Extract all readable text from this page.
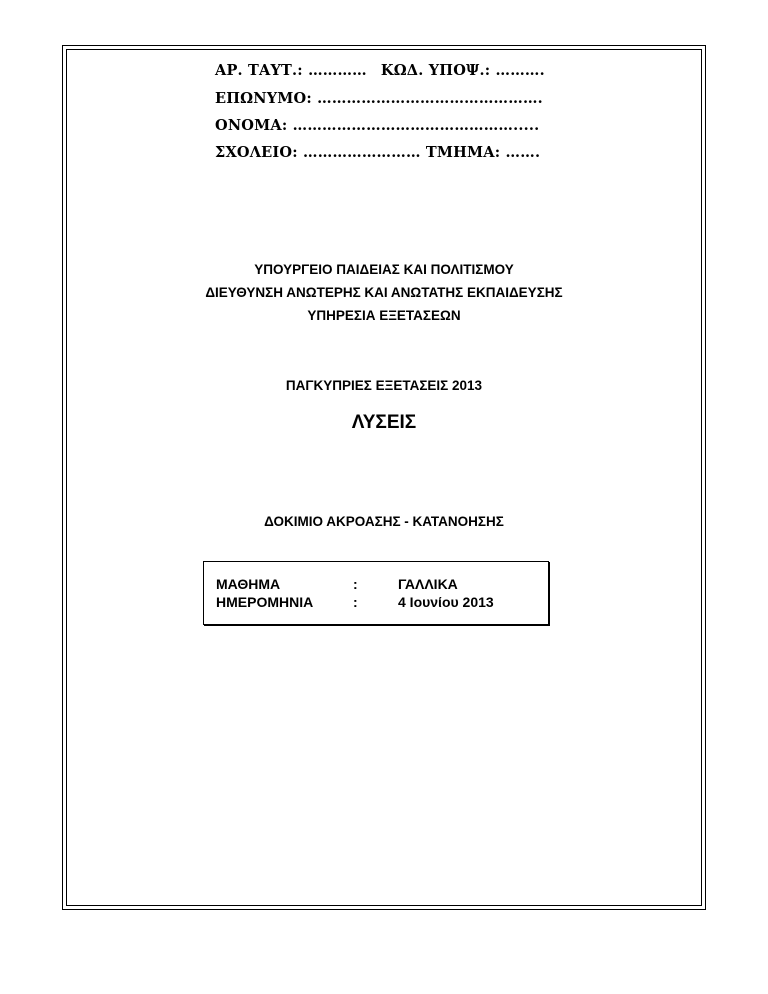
ΑΡ. ΤΑΥΤ.: ………… ΚΩΔ. ΥΠΟΨ.: ……….
ΕΠΩΝΥΜΟ: ……………………………………….
ΟΝΟΜΑ: ……………………………………….....
ΣΧΟΛΕΙΟ: …………………… ΤΜΗΜΑ: …….
ΥΠΟΥΡΓΕΙΟ ΠΑΙΔΕΙΑΣ ΚΑΙ ΠΟΛΙΤΙΣΜΟΥ
ΔΙΕΥΘΥΝΣΗ ΑΝΩΤΕΡΗΣ ΚΑΙ ΑΝΩΤΑΤΗΣ ΕΚΠΑΙΔΕΥΣΗΣ
ΥΠΗΡΕΣΙΑ ΕΞΕΤΑΣΕΩΝ
ΠΑΓΚΥΠΡΙΕΣ ΕΞΕΤΑΣΕΙΣ 2013
ΛΥΣΕΙΣ
ΔΟΚΙΜΙΟ ΑΚΡΟΑΣΗΣ - ΚΑΤΑΝΟΗΣΗΣ
ΜΑΘΗΜΑ	:	ΓΑΛΛΙΚΑ
ΗΜΕΡΟΜΗΝΙΑ	:	4 Ιουνίου 2013
